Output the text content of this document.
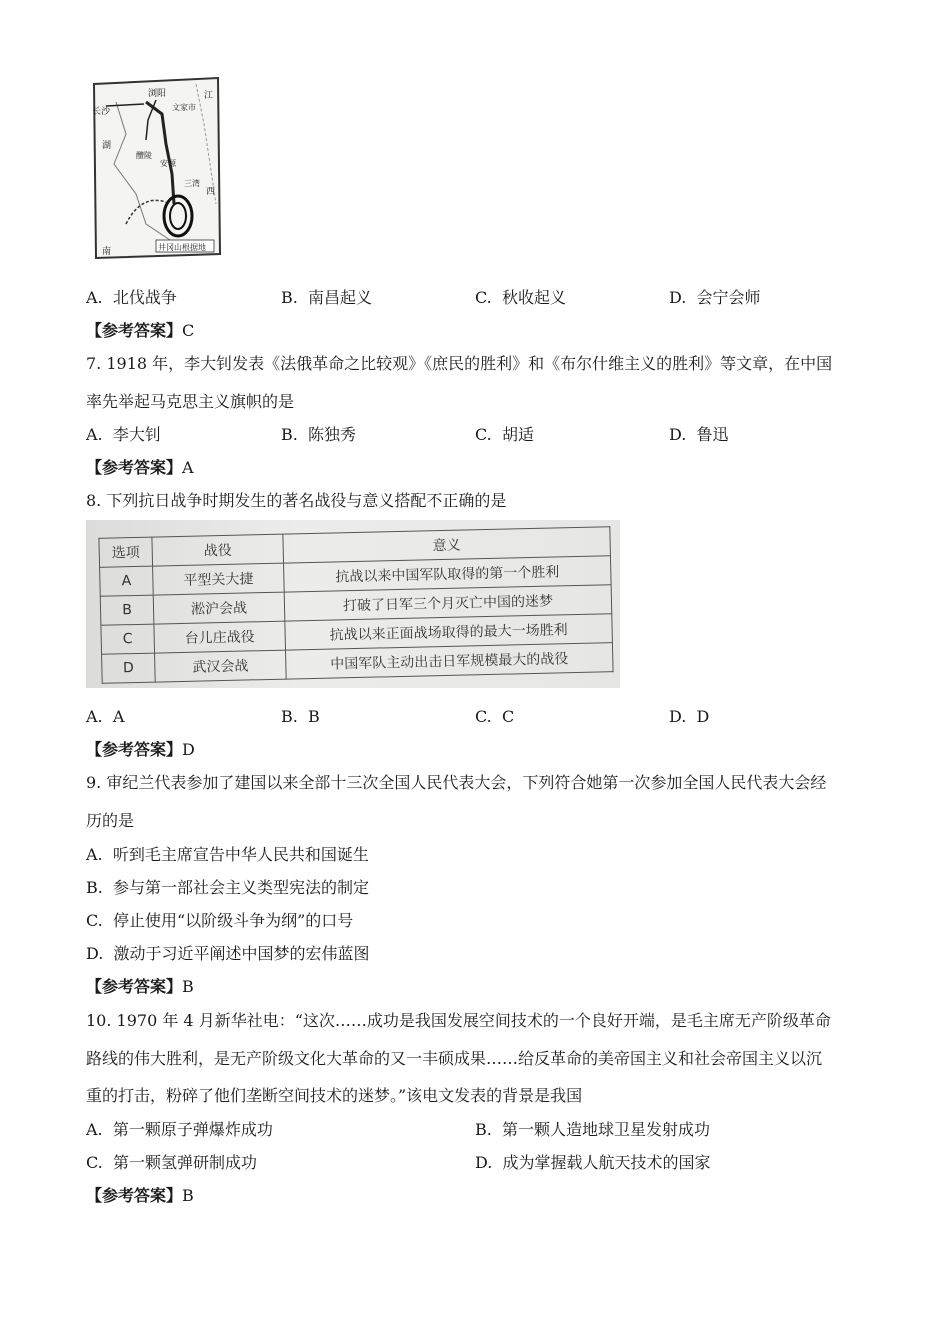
长沙
浏阳
文家市
醴陵
安源
三湾
井冈山根据地
湖
南
江
西
A. 北伐战争	B. 南昌起义	C. 秋收起义	D. 会宁会师
【参考答案】C
7. 1918 年，李大钊发表《法俄革命之比较观》《庶民的胜利》和《布尔什维主义的胜利》等文章，在中国
率先举起马克思主义旗帜的是
A. 李大钊	B. 陈独秀	C. 胡适	D. 鲁迅
【参考答案】A
8. 下列抗日战争时期发生的著名战役与意义搭配不正确的是
选项	战役	意义
A	平型关大捷	抗战以来中国军队取得的第一个胜利
B	淞沪会战	打破了日军三个月灭亡中国的迷梦
C	台儿庄战役	抗战以来正面战场取得的最大一场胜利
D	武汉会战	中国军队主动出击日军规模最大的战役
A. A	B. B	C. C	D. D
【参考答案】D
9. 审纪兰代表参加了建国以来全部十三次全国人民代表大会，下列符合她第一次参加全国人民代表大会经
历的是
A. 听到毛主席宣告中华人民共和国诞生
B. 参与第一部社会主义类型宪法的制定
C. 停止使用“以阶级斗争为纲”的口号
D. 激动于习近平阐述中国梦的宏伟蓝图
【参考答案】B
10. 1970 年 4 月新华社电：“这次……成功是我国发展空间技术的一个良好开端，是毛主席无产阶级革命
路线的伟大胜利，是无产阶级文化大革命的又一丰硕成果……给反革命的美帝国主义和社会帝国主义以沉
重的打击，粉碎了他们垄断空间技术的迷梦。”该电文发表的背景是我国
A. 第一颗原子弹爆炸成功	B. 第一颗人造地球卫星发射成功
C. 第一颗氢弹研制成功	D. 成为掌握载人航天技术的国家
【参考答案】B
